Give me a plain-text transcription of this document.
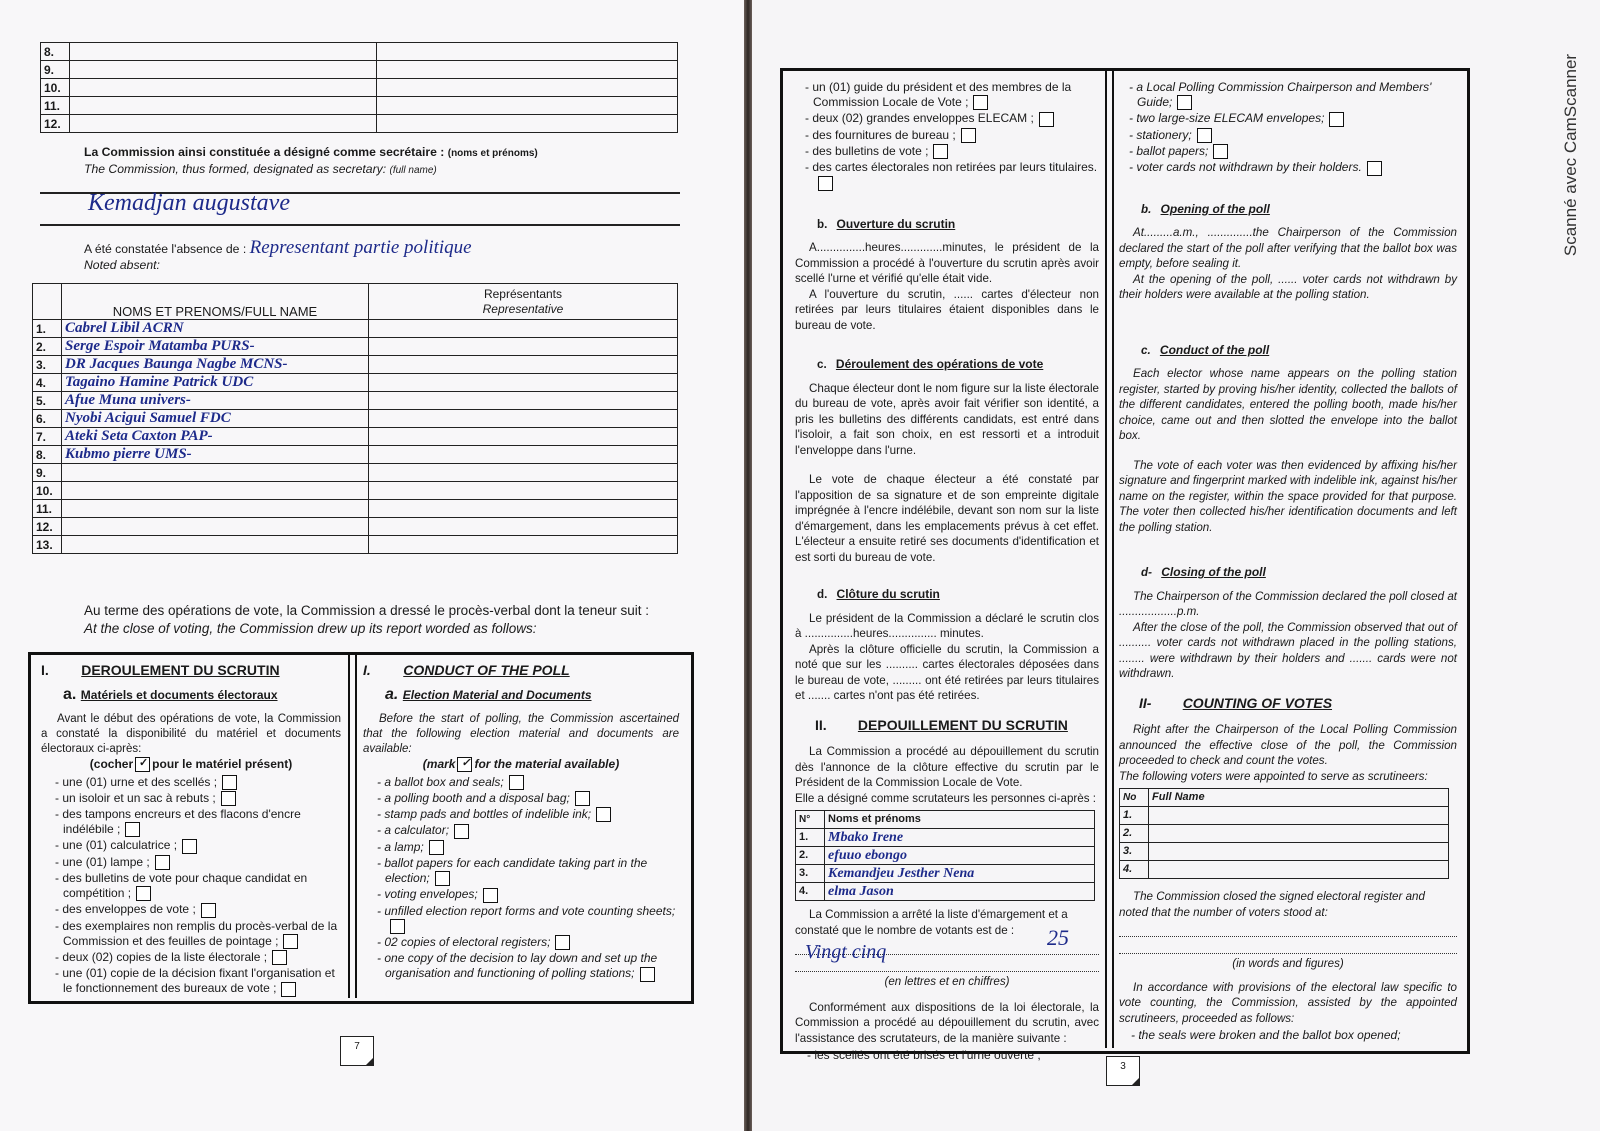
8.		
9.		
10.		
11.		
12.		

La Commission ainsi constituée a désigné comme secrétaire : (noms et prénoms)

The Commission, thus formed, designated as secretary: (full name)

Kemadjan augustave

A été constatée l'absence de : Representant partie politique

Noted absent:

	NOMS ET PRENOMS/FULL NAME	Représentants
Representative

1.	Cabrel Libil ACRN	
2.	Serge Espoir Matamba PURS-	
3.	DR Jacques Baunga Nagbe MCNS-	
4.	Tagaino Hamine Patrick UDC	
5.	Afue Muna univers-	
6.	Nyobi Acigui Samuel FDC	
7.	Ateki Seta Caxton PAP-	
8.	Kubmo pierre UMS-	
9.		
10.		
11.		
12.		
13.		

Au terme des opérations de vote, la Commission a dressé le procès-verbal dont la teneur suit :

At the close of voting, the Commission drew up its report worded as follows:

I. DEROULEMENT DU SCRUTIN
a. Matériels et documents électoraux

Avant le début des opérations de vote, la Commission a constaté la disponibilité du matériel et documents électoraux ci-après:

(cocher ✓ pour le matériel présent)

- une (01) urne et des scellés ;
- un isoloir et un sac à rebuts ;
- des tampons encreurs et des flacons d'encre indélébile ;
- une (01) calculatrice ;
- une (01) lampe ;
- des bulletins de vote pour chaque candidat en compétition ;
- des enveloppes de vote ;
- des exemplaires non remplis du procès-verbal de la Commission et des feuilles de pointage ;
- deux (02) copies de la liste électorale ;
- une (01) copie de la décision fixant l'organisation et le fonctionnement des bureaux de vote ;
I. CONDUCT OF THE POLL
a. Election Material and Documents

Before the start of polling, the Commission ascertained that the following election material and documents are available:

(mark ✓ for the material available)

- a ballot box and seals;
- a polling booth and a disposal bag;
- stamp pads and bottles of indelible ink;
- a calculator;
- a lamp;
- ballot papers for each candidate taking part in the election;
- voting envelopes;
- unfilled election report forms and vote counting sheets;
- 02 copies of electoral registers;
- one copy of the decision to lay down and set up the organisation and functioning of polling stations;
7
- un (01) guide du président et des membres de la Commission Locale de Vote ;
- deux (02) grandes enveloppes ELECAM ;
- des fournitures de bureau ;
- des bulletins de vote ;
- des cartes électorales non retirées par leurs titulaires.
b. Ouverture du scrutin

A...............heures.............minutes, le président de la Commission a procédé à l'ouverture du scrutin après avoir scellé l'urne et vérifié qu'elle était vide.

A l'ouverture du scrutin, ...... cartes d'électeur non retirées par leurs titulaires étaient disponibles dans le bureau de vote.

c. Déroulement des opérations de vote

Chaque électeur dont le nom figure sur la liste électorale du bureau de vote, après avoir fait vérifier son identité, a pris les bulletins des différents candidats, est entré dans l'isoloir, a fait son choix, en est ressorti et a introduit l'enveloppe dans l'urne.

Le vote de chaque électeur a été constaté par l'apposition de sa signature et de son empreinte digitale imprégnée à l'encre indélébile, devant son nom sur la liste d'émargement, dans les emplacements prévus à cet effet. L'électeur a ensuite retiré ses documents d'identification et est sorti du bureau de vote.

d. Clôture du scrutin

Le président de la Commission a déclaré le scrutin clos à ...............heures............... minutes.

Après la clôture officielle du scrutin, la Commission a noté que sur les .......... cartes électorales déposées dans le bureau de vote, ......... ont été retirées par leurs titulaires et ....... cartes n'ont pas été retirées.

II. DEPOUILLEMENT DU SCRUTIN

La Commission a procédé au dépouillement du scrutin dès l'annonce de la clôture effective du scrutin par le Président de la Commission Locale de Vote.

Elle a désigné comme scrutateurs les personnes ci-après :

N°	Noms et prénoms
1.	Mbako Irene
2.	efuuo ebongo
3.	Kemandjeu Jesther Nena
4.	elma Jason

La Commission a arrêté la liste d'émargement et a constaté que le nombre de votants est de :	25
Vingt cinq

(en lettres et en chiffres)

Conformément aux dispositions de la loi électorale, la Commission a procédé au dépouillement du scrutin, avec l'assistance des scrutateurs, de la manière suivante :

- les scellés ont été brisés et l'urne ouverte ;
- a Local Polling Commission Chairperson and Members' Guide;
- two large-size ELECAM envelopes;
- stationery;
- ballot papers;
- voter cards not withdrawn by their holders.
b. Opening of the poll

At.........a.m., ..............the Chairperson of the Commission declared the start of the poll after verifying that the ballot box was empty, before sealing it.

At the opening of the poll, ...... voter cards not withdrawn by their holders were available at the polling station.

c. Conduct of the poll

Each elector whose name appears on the polling station register, started by proving his/her identity, collected the ballots of the different candidates, entered the polling booth, made his/her choice, came out and then slotted the envelope into the ballot box.

The vote of each voter was then evidenced by affixing his/her signature and fingerprint marked with indelible ink, against his/her name on the register, within the space provided for that purpose. The voter then collected his/her identification documents and left the polling station.

d- Closing of the poll

The Chairperson of the Commission declared the poll closed at ..................p.m.

After the close of the poll, the Commission observed that out of .......... voter cards not withdrawn placed in the polling stations, ........ were withdrawn by their holders and ....... cards were not withdrawn.

II- COUNTING OF VOTES

Right after the Chairperson of the Local Polling Commission announced the effective close of the poll, the Commission proceeded to check and count the votes.

The following voters were appointed to serve as scrutineers:

No	Full Name
1.	
2.	
3.	
4.	

The Commission closed the signed electoral register and noted that the number of voters stood at:

(in words and figures)

In accordance with provisions of the electoral law specific to vote counting, the Commission, assisted by the appointed scrutineers, proceeded as follows:

- the seals were broken and the ballot box opened;
3
Scanné avec CamScanner
